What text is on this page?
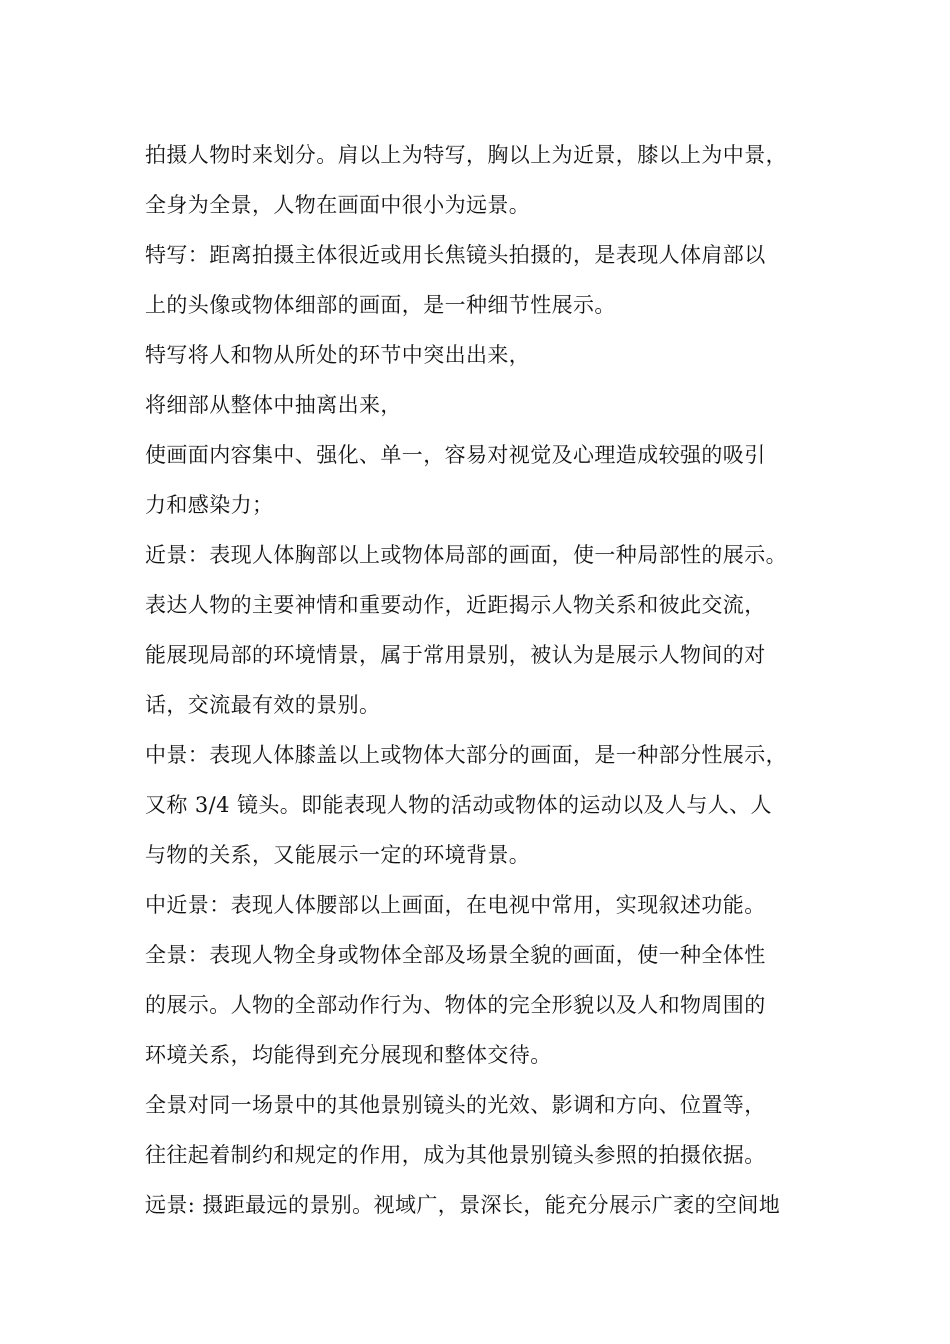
拍摄人物时来划分。肩以上为特写，胸以上为近景，膝以上为中景，
全身为全景，人物在画面中很小为远景。
特写：距离拍摄主体很近或用长焦镜头拍摄的，是表现人体肩部以
上的头像或物体细部的画面，是一种细节性展示。
特写将人和物从所处的环节中突出出来，
将细部从整体中抽离出来，
使画面内容集中、强化、单一，容易对视觉及心理造成较强的吸引
力和感染力；
近景：表现人体胸部以上或物体局部的画面，使一种局部性的展示。
表达人物的主要神情和重要动作，近距揭示人物关系和彼此交流，
能展现局部的环境情景，属于常用景别，被认为是展示人物间的对
话，交流最有效的景别。
中景：表现人体膝盖以上或物体大部分的画面，是一种部分性展示，
又称 3/4 镜头。即能表现人物的活动或物体的运动以及人与人、人
与物的关系，又能展示一定的环境背景。
中近景：表现人体腰部以上画面，在电视中常用，实现叙述功能。
全景：表现人物全身或物体全部及场景全貌的画面，使一种全体性
的展示。人物的全部动作行为、物体的完全形貌以及人和物周围的
环境关系，均能得到充分展现和整体交待。
全景对同一场景中的其他景别镜头的光效、影调和方向、位置等，
往往起着制约和规定的作用，成为其他景别镜头参照的拍摄依据。
远景: 摄距最远的景别。视域广，景深长，能充分展示广袤的空间地
